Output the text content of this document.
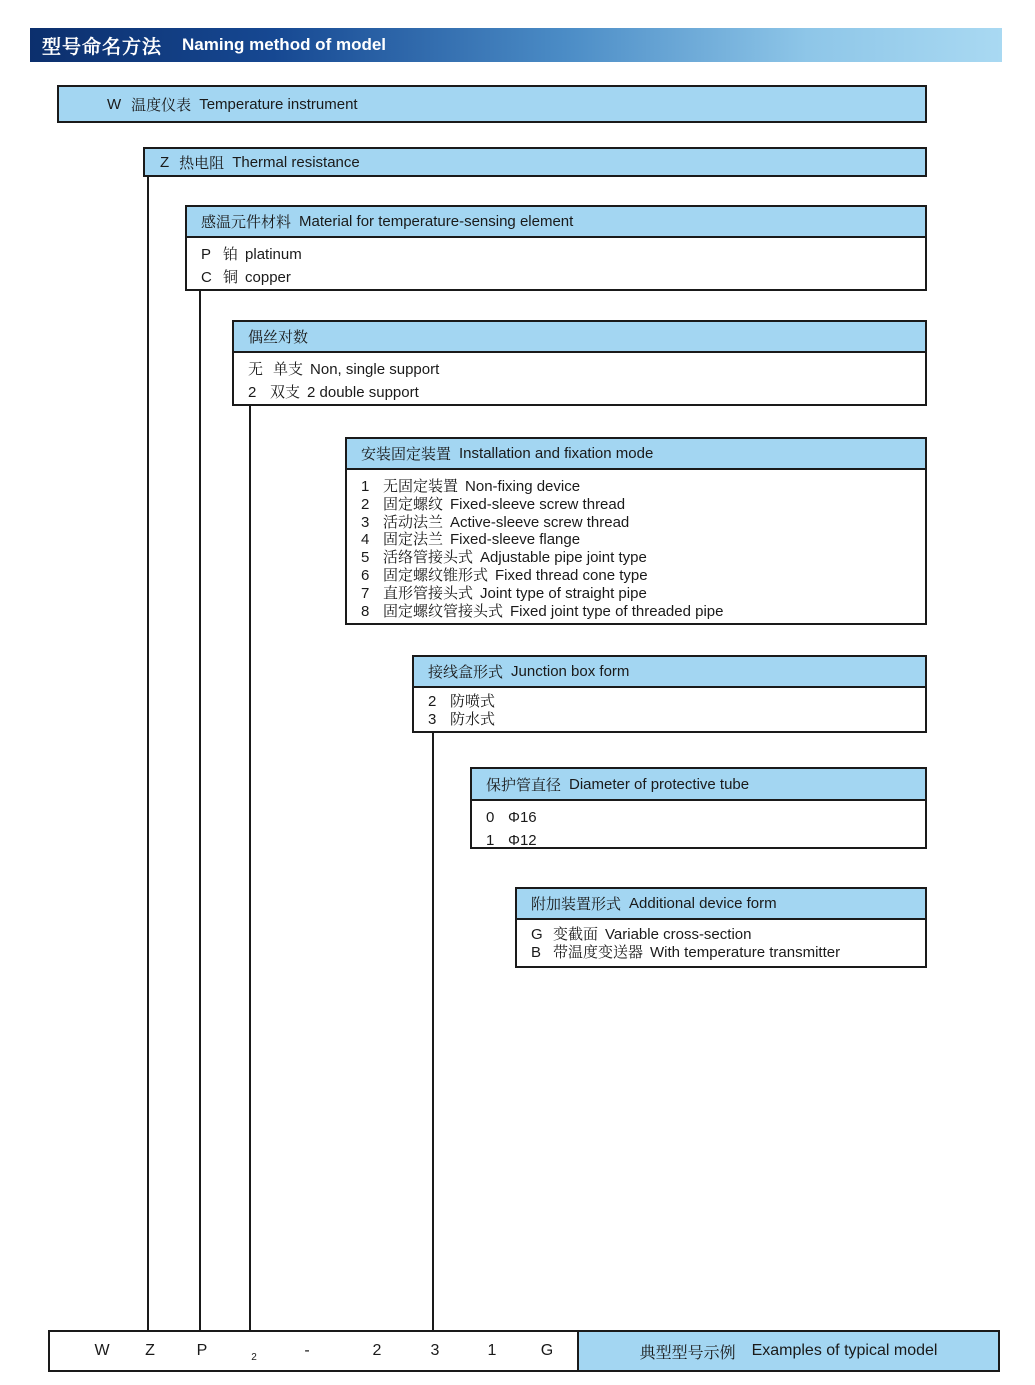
型号命名方法 Naming method of model
W 温度仪表 Temperature instrument
Z 热电阻 Thermal resistance
感温元件材料 Material for temperature-sensing element
P 铂 platinum
C 铜 copper
偶丝对数
无 单支 Non, single support
2 双支 2 double support
安装固定装置 Installation and fixation mode
1 无固定装置 Non-fixing device
2 固定螺纹 Fixed-sleeve screw thread
3 活动法兰 Active-sleeve screw thread
4 固定法兰 Fixed-sleeve flange
5 活络管接头式 Adjustable pipe joint type
6 固定螺纹锥形式 Fixed thread cone type
7 直形管接头式 Joint type of straight pipe
8 固定螺纹管接头式 Fixed joint type of threaded pipe
接线盒形式 Junction box form
2 防喷式
3 防水式
保护管直径 Diameter of protective tube
0 Φ16
1 Φ12
附加装置形式 Additional device form
G 变截面 Variable cross-section
B 带温度变送器 With temperature transmitter
W Z	P	2	-	2	3	1	G	典型型号示例 Examples of typical model
